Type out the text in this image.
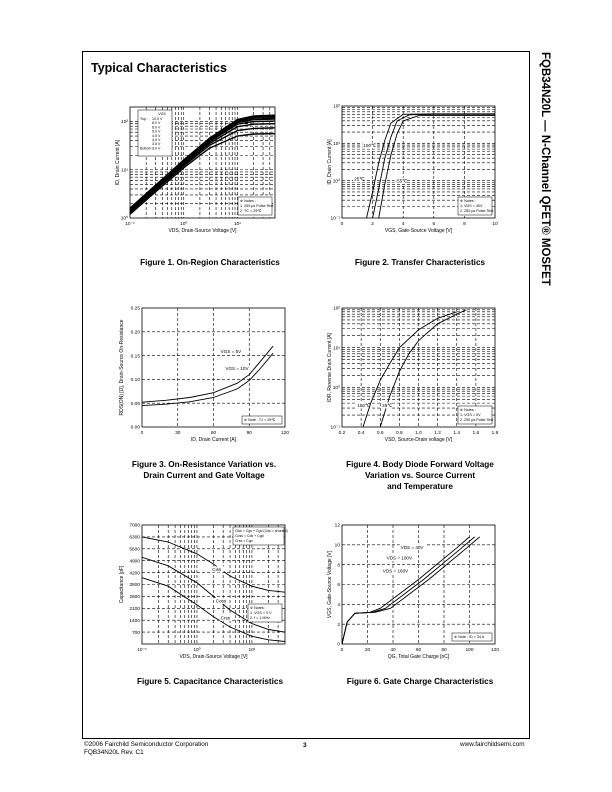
FQB34N20L — N-Channel QFET® MOSFET
Typical Characteristics
10⁻¹	10⁰	10¹
10⁰
10¹
10²
VDS, Drain-Source Voltage [V]
ID, Drain Current [A]
VGS
Top : 10.0 V
8.0 V
6.0 V
5.0 V
4.5 V
4.0 V
3.5 V
3.0 V
Bottom :
※ Notes :
1. 250 μs Pulse Test
2. TC = 25℃
Figure 1. On-Region Characteristics
0	2	4	6	8	10
10⁻¹
10⁰
10¹
10²
VGS, Gate-Source Voltage [V]
ID, Drain Current [A]	150℃
25℃	-55℃
※ Notes :
1. VDS = 40V
2. 250 μs Pulse Test
Figure 2. Transfer Characteristics
0	30	60	90	120
0.00
0.05
0.10
0.15
0.20
0.25
ID, Drain Current [A]
RDS(ON) [Ω], Drain-Source On-Resistance	VGS = 5V
VGS = 10V
※ Note : TJ = 25℃
Figure 3. On-Resistance Variation vs.
Drain Current and Gate Voltage
0.2	0.4	0.6	0.8	1.0	1.2	1.4	1.6	1.8
10⁻¹
10⁰
10¹
10²
VSD, Source-Drain voltage [V]
IDR, Reverse Drain Current [A]
150℃	25℃
※ Notes :
1. VGS = 0V
2. 250 μs Pulse Test
Figure 4. Body Diode Forward Voltage
Variation vs. Source Current
and Temperature
10⁻¹	10⁰	10¹
700
1400
2100
2800
3500
4200
4900
5600
6300
7000
VDS, Drain-Source Voltage [V]
Capacitance [pF]	Ciss
Coss
Crss
Ciss = Cgs + Cgd (Cds = shorted)
Coss = Cds + Cgd
Crss = Cgd
※ Notes :
1. VGS = 0 V
2. f = 1 MHz
Figure 5. Capacitance Characteristics
0	20	40	60	80	100	120
0
2
4
6
8
10
12
QG, Total Gate Charge [nC]
VGS, Gate-Source Voltage [V]
VDS = 40V
VDS = 100V
VDS = 160V
※ Note : ID = 34 A
Figure 6. Gate Charge Characteristics
©2006 Fairchild Semiconductor Corporation
FQB34N20L Rev. C1
3	www.fairchildsemi.com
